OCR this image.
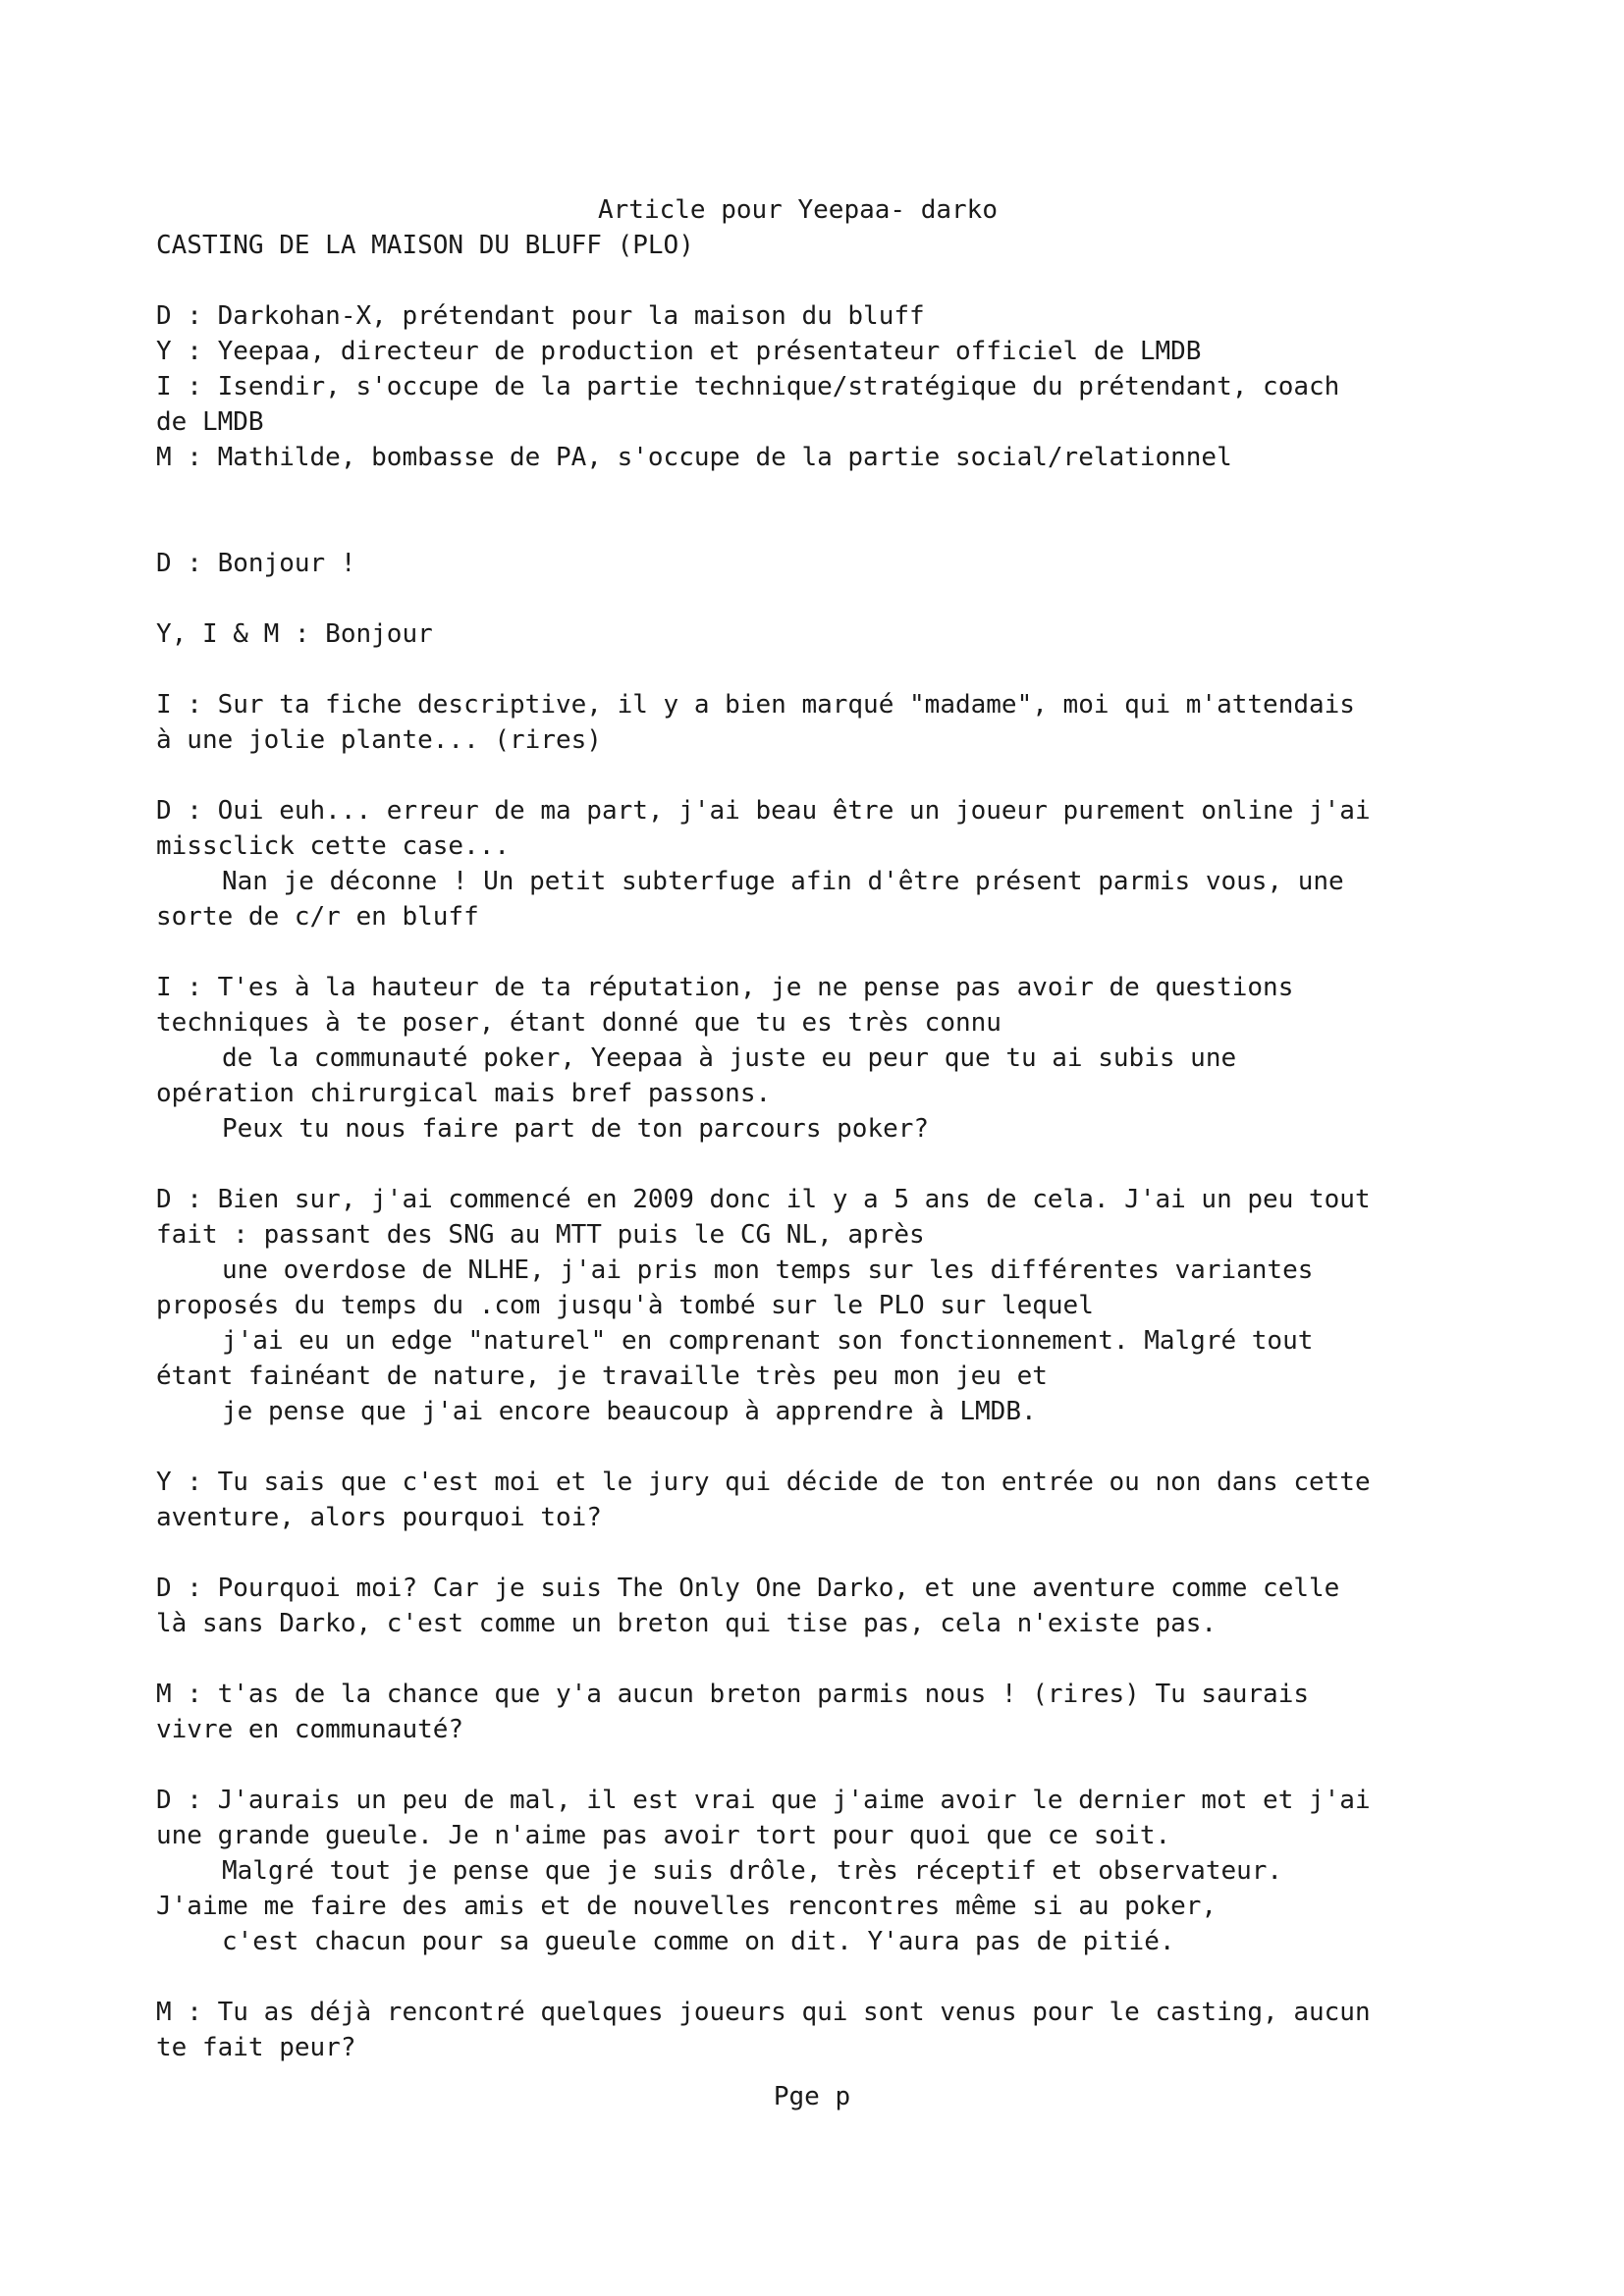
Article pour Yeepaa- darko
CASTING DE LA MAISON DU BLUFF (PLO)
D : Darkohan-X, prétendant pour la maison du bluff
Y : Yeepaa, directeur de production et présentateur officiel de LMDB
I : Isendir, s'occupe de la partie technique/stratégique du prétendant, coach
de LMDB
M : Mathilde, bombasse de PA, s'occupe de la partie social/relationnel
D : Bonjour !
Y, I & M : Bonjour
I : Sur ta fiche descriptive, il y a bien marqué "madame", moi qui m'attendais
à une jolie plante... (rires)
D : Oui euh... erreur de ma part, j'ai beau être un joueur purement online j'ai
missclick cette case...
Nan je déconne ! Un petit subterfuge afin d'être présent parmis vous, une
sorte de c/r en bluff
I : T'es à la hauteur de ta réputation, je ne pense pas avoir de questions
techniques à te poser, étant donné que tu es très connu
de la communauté poker, Yeepaa à juste eu peur que tu ai subis une
opération chirurgical mais bref passons.
Peux tu nous faire part de ton parcours poker?
D : Bien sur, j'ai commencé en 2009 donc il y a 5 ans de cela. J'ai un peu tout
fait : passant des SNG au MTT puis le CG NL, après
une overdose de NLHE, j'ai pris mon temps sur les différentes variantes
proposés du temps du .com jusqu'à tombé sur le PLO sur lequel
j'ai eu un edge "naturel" en comprenant son fonctionnement. Malgré tout
étant fainéant de nature, je travaille très peu mon jeu et
je pense que j'ai encore beaucoup à apprendre à LMDB.
Y : Tu sais que c'est moi et le jury qui décide de ton entrée ou non dans cette
aventure, alors pourquoi toi?
D : Pourquoi moi? Car je suis The Only One Darko, et une aventure comme celle
là sans Darko, c'est comme un breton qui tise pas, cela n'existe pas.
M : t'as de la chance que y'a aucun breton parmis nous ! (rires) Tu saurais
vivre en communauté?
D : J'aurais un peu de mal, il est vrai que j'aime avoir le dernier mot et j'ai
une grande gueule. Je n'aime pas avoir tort pour quoi que ce soit.
Malgré tout je pense que je suis drôle, très réceptif et observateur.
J'aime me faire des amis et de nouvelles rencontres même si au poker,
c'est chacun pour sa gueule comme on dit. Y'aura pas de pitié.
M : Tu as déjà rencontré quelques joueurs qui sont venus pour le casting, aucun
te fait peur?
Pge p
